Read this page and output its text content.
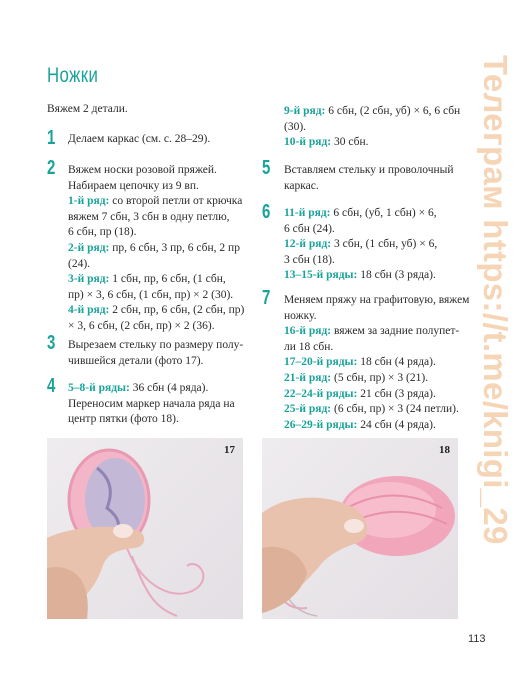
Ножки
Вяжем 2 детали.
1 Делаем каркас (см. с. 28–29).
2 Вяжем носки розовой пряжей.
Набираем цепочку из 9 вп.
1-й ряд: со второй петли от крючка
вяжем 7 сбн, 3 сбн в одну петлю,
6 сбн, пр (18).
2-й ряд: пр, 6 сбн, 3 пр, 6 сбн, 2 пр
(24).
3-й ряд: 1 сбн, пр, 6 сбн, (1 сбн,
пр) × 3, 6 сбн, (1 сбн, пр) × 2 (30).
4-й ряд: 2 сбн, пр, 6 сбн, (2 сбн, пр)
× 3, 6 сбн, (2 сбн, пр) × 2 (36).
3 Вырезаем стельку по размеру полу-
чившейся детали (фото 17).
4 5–8-й ряды: 36 сбн (4 ряда).
Переносим маркер начала ряда на
центр пятки (фото 18).
9-й ряд: 6 сбн, (2 сбн, уб) × 6, 6 сбн
(30).
10-й ряд: 30 сбн.
5 Вставляем стельку и проволочный
каркас.
6 11-й ряд: 6 сбн, (уб, 1 сбн) × 6,
6 сбн (24).
12-й ряд: 3 сбн, (1 сбн, уб) × 6,
3 сбн (18).
13–15-й ряды: 18 сбн (3 ряда).
7 Меняем пряжу на графитовую, вяжем
ножку.
16-й ряд: вяжем за задние полупет-
ли 18 сбн.
17–20-й ряды: 18 сбн (4 ряда).
21-й ряд: (5 сбн, пр) × 3 (21).
22–24-й ряды: 21 сбн (3 ряда).
25-й ряд: (6 сбн, пр) × 3 (24 петли).
26–29-й ряды: 24 сбн (4 ряда).
17	18
113
Телеграм https://t.me/knigi_29
